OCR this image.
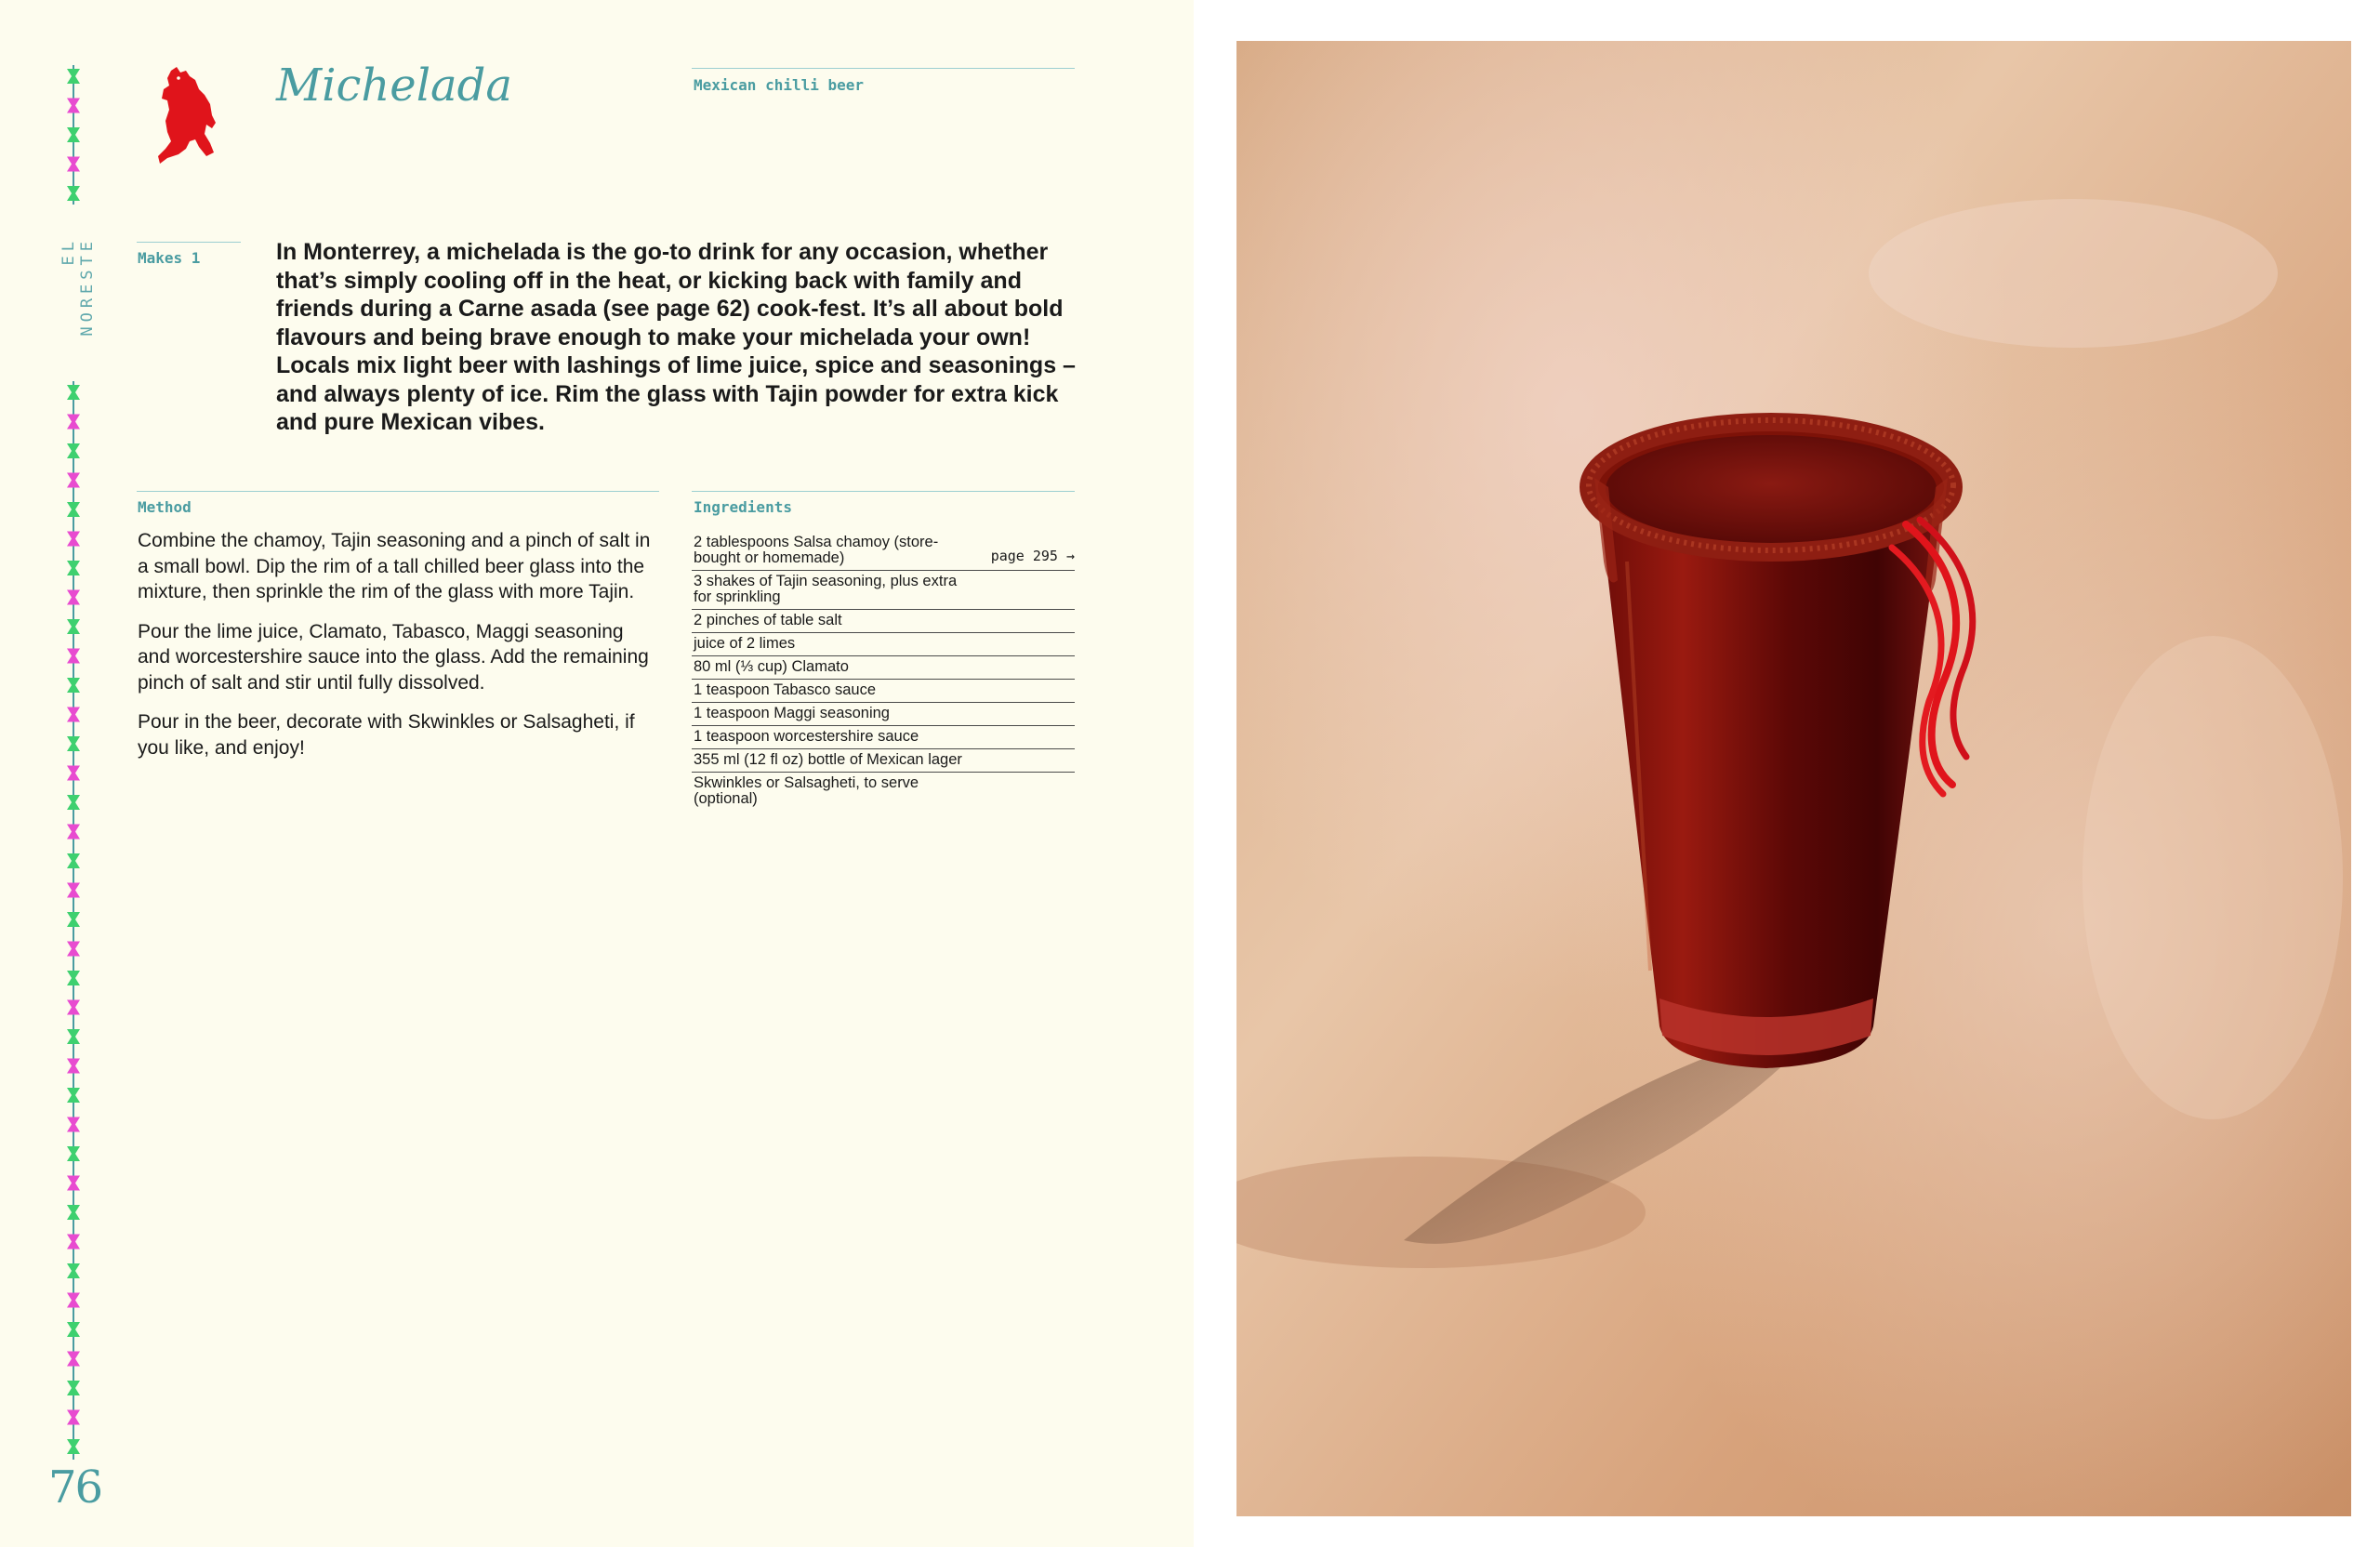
EL NORESTE
Michelada	Mexican chilli beer
Makes 1	In Monterrey, a michelada is the go-to drink for any occasion, whether that’s simply cooling off in the heat, or kicking back with family and friends during a Carne asada (see page 62) cook-fest. It’s all about bold flavours and being brave enough to make your michelada your own! Locals mix light beer with lashings of lime juice, spice and seasonings – and always plenty of ice. Rim the glass with Tajin powder for extra kick and pure Mexican vibes.
Method

Combine the chamoy, Tajin seasoning and a pinch of salt in a small bowl. Dip the rim of a tall chilled beer glass into the mixture, then sprinkle the rim of the glass with more Tajin.

Pour the lime juice, Clamato, Tabasco, Maggi seasoning and worcestershire sauce into the glass. Add the remaining pinch of salt and stir until fully dissolved.

Pour in the beer, decorate with Skwinkles or Salsagheti, if you like, and enjoy!

Ingredients
2 tablespoons Salsa chamoy (store-bought or homemade)	page 295 →
3 shakes of Tajin seasoning, plus extra for sprinkling
2 pinches of table salt
juice of 2 limes
80 ml (⅓ cup) Clamato
1 teaspoon Tabasco sauce
1 teaspoon Maggi seasoning
1 teaspoon worcestershire sauce
355 ml (12 fl oz) bottle of Mexican lager
Skwinkles or Salsagheti, to serve (optional)
76
